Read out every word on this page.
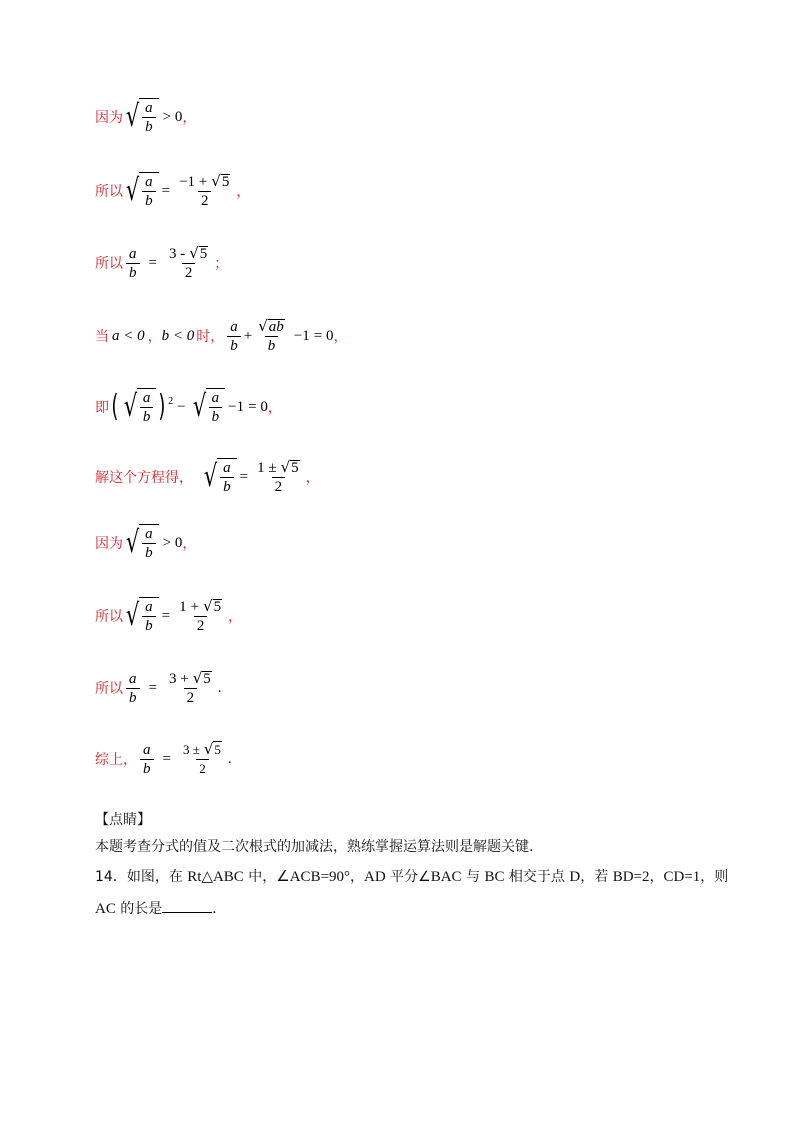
因为 √ $\frac{a}{b} > 0$ ，
所以 √ $\frac{a}{b} = \frac{-1 + √ 5}{2}$ ，
所以 $\frac{a}{b} = \frac{3 - √ 5}{2}$ ；
当 a < 0 ， b < 0 时， $\frac{a}{b} + \frac{√ ab}{b} -1 = 0$ ，
即 ( √ $\frac{a}{b}$ ) 2 − √ $\frac{a}{b} -1 = 0$ ，
解这个方程得， √ $\frac{a}{b} = \frac{1 \pm √ 5}{2}$ ，
因为 √ $\frac{a}{b} > 0$ ，
所以 √ $\frac{a}{b} = \frac{1 + √ 5}{2}$ ，
所以 $\frac{a}{b} = \frac{3 + √ 5}{2}$ .
综上， $\frac{a}{b} = \frac{3 \pm √ 5}{2}$ .
【点睛】
本题考查分式的值及二次根式的加减法，熟练掌握运算法则是解题关键.
14．如图，在 Rt△ABC 中，∠ACB=90°，AD 平分∠BAC 与 BC 相交于点 D，若 BD=2，CD=1，则
AC 的长是	．
